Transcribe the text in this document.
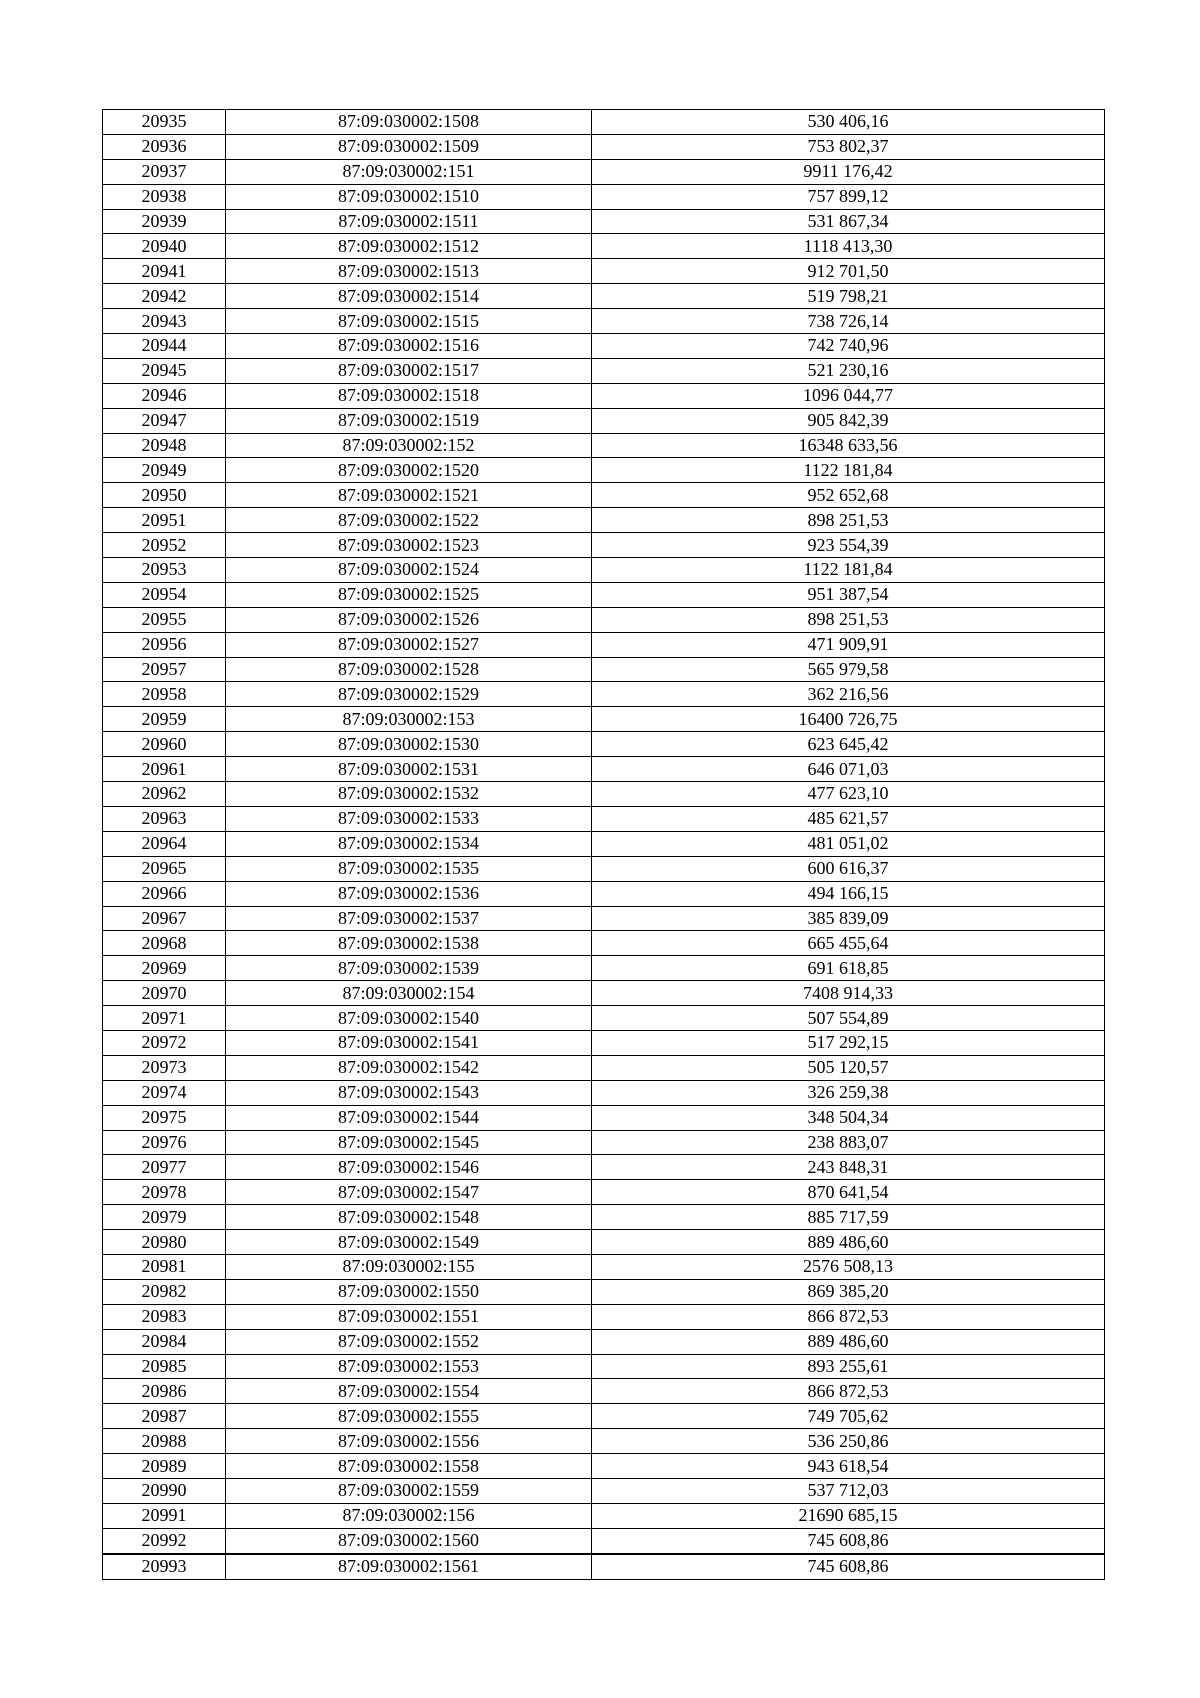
20935	87:09:030002:1508	530 406,16
20936	87:09:030002:1509	753 802,37
20937	87:09:030002:151	9911 176,42
20938	87:09:030002:1510	757 899,12
20939	87:09:030002:1511	531 867,34
20940	87:09:030002:1512	1118 413,30
20941	87:09:030002:1513	912 701,50
20942	87:09:030002:1514	519 798,21
20943	87:09:030002:1515	738 726,14
20944	87:09:030002:1516	742 740,96
20945	87:09:030002:1517	521 230,16
20946	87:09:030002:1518	1096 044,77
20947	87:09:030002:1519	905 842,39
20948	87:09:030002:152	16348 633,56
20949	87:09:030002:1520	1122 181,84
20950	87:09:030002:1521	952 652,68
20951	87:09:030002:1522	898 251,53
20952	87:09:030002:1523	923 554,39
20953	87:09:030002:1524	1122 181,84
20954	87:09:030002:1525	951 387,54
20955	87:09:030002:1526	898 251,53
20956	87:09:030002:1527	471 909,91
20957	87:09:030002:1528	565 979,58
20958	87:09:030002:1529	362 216,56
20959	87:09:030002:153	16400 726,75
20960	87:09:030002:1530	623 645,42
20961	87:09:030002:1531	646 071,03
20962	87:09:030002:1532	477 623,10
20963	87:09:030002:1533	485 621,57
20964	87:09:030002:1534	481 051,02
20965	87:09:030002:1535	600 616,37
20966	87:09:030002:1536	494 166,15
20967	87:09:030002:1537	385 839,09
20968	87:09:030002:1538	665 455,64
20969	87:09:030002:1539	691 618,85
20970	87:09:030002:154	7408 914,33
20971	87:09:030002:1540	507 554,89
20972	87:09:030002:1541	517 292,15
20973	87:09:030002:1542	505 120,57
20974	87:09:030002:1543	326 259,38
20975	87:09:030002:1544	348 504,34
20976	87:09:030002:1545	238 883,07
20977	87:09:030002:1546	243 848,31
20978	87:09:030002:1547	870 641,54
20979	87:09:030002:1548	885 717,59
20980	87:09:030002:1549	889 486,60
20981	87:09:030002:155	2576 508,13
20982	87:09:030002:1550	869 385,20
20983	87:09:030002:1551	866 872,53
20984	87:09:030002:1552	889 486,60
20985	87:09:030002:1553	893 255,61
20986	87:09:030002:1554	866 872,53
20987	87:09:030002:1555	749 705,62
20988	87:09:030002:1556	536 250,86
20989	87:09:030002:1558	943 618,54
20990	87:09:030002:1559	537 712,03
20991	87:09:030002:156	21690 685,15
20992	87:09:030002:1560	745 608,86
20993	87:09:030002:1561	745 608,86
